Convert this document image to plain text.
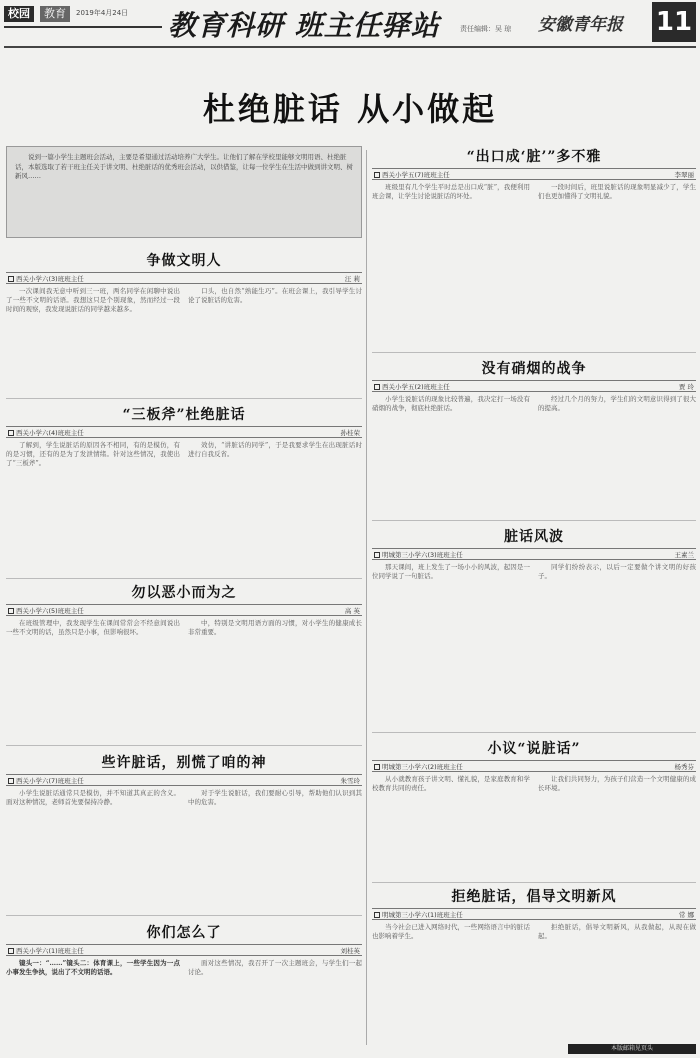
校园	教育	2019年4月24日 教育科研 班主任驿站	责任编辑：吴 琼 安徽青年报 11
杜绝脏话 从小做起
说到一篇小学生主题班会活动，主要是希望通过活动培养广大学生。让他们了解在学校里能够文明用语、杜绝脏话，本版选取了若干班主任关于讲文明、杜绝脏话的优秀班会活动，以供借鉴，让每一位学生在生活中做到讲文明、树新风……
争做文明人
西关小学六(3)班班主任	汪 莉

一次课间我无意中听到三一班，两名同学在闲聊中说出了一些不文明的话语。我想这只是个别现象，然而经过一段时间的观察，我发现说脏话的同学越来越多。

口头，也自然“熟能生巧”。在班会课上，我引导学生讨论了说脏话的危害。

“三板斧”杜绝脏话
西关小学六(4)班班主任	孙桂荣

了解到，学生说脏话的原因各不相同，有的是模仿，有的是习惯，还有的是为了发泄情绪。针对这些情况，我使出了“三板斧”。

效仿，“讲脏话的同学”，于是我要求学生在出现脏话时进行自我反省。

勿以恶小而为之
西关小学六(5)班班主任	高 英

在班级管理中，我发现学生在课间常常会不经意间说出一些不文明的话，虽然只是小事，但影响很坏。

中，特别是文明用语方面的习惯，对小学生的健康成长非常重要。

些许脏话，别慌了咱的神
西关小学六(7)班班主任	朱雪玲

小学生说脏话通常只是模仿，并不知道其真正的含义。面对这种情况，老师首先要保持冷静。

对于学生说脏话，我们要耐心引导，帮助他们认识到其中的危害。

你们怎么了
西关小学六(1)班班主任	刘桂英

镜头一：“……”镜头二：体育课上，一些学生因为一点小事发生争执，说出了不文明的话语。

面对这些情况，我召开了一次主题班会，与学生们一起讨论。

“出口成‘脏’”多不雅
西关小学五(7)班班主任	李翠丽

班级里有几个学生平时总是出口成“脏”，我便利用班会课，让学生讨论说脏话的坏处。

一段时间后，班里说脏话的现象明显减少了，学生们也更加懂得了文明礼貌。

没有硝烟的战争
西关小学五(2)班班主任	贾 玲

小学生说脏话的现象比较普遍，我决定打一场没有硝烟的战争，彻底杜绝脏话。

经过几个月的努力，学生们的文明意识得到了很大的提高。

脏话风波
明城第三小学六(3)班班主任	王素兰

那天课间，班上发生了一场小小的风波，起因是一位同学说了一句脏话。

同学们纷纷表示，以后一定要做个讲文明的好孩子。

小议“说脏话”
明城第三小学六(2)班班主任	杨秀芬

从小就教育孩子讲文明、懂礼貌，是家庭教育和学校教育共同的责任。

让我们共同努力，为孩子们营造一个文明健康的成长环境。

拒绝脏话，倡导文明新风
明城第三小学六(1)班班主任	常 娜

当今社会已进入网络时代，一些网络语言中的脏话也影响着学生。

拒绝脏话，倡导文明新风，从我做起，从现在做起。

本版邮箱见页头
